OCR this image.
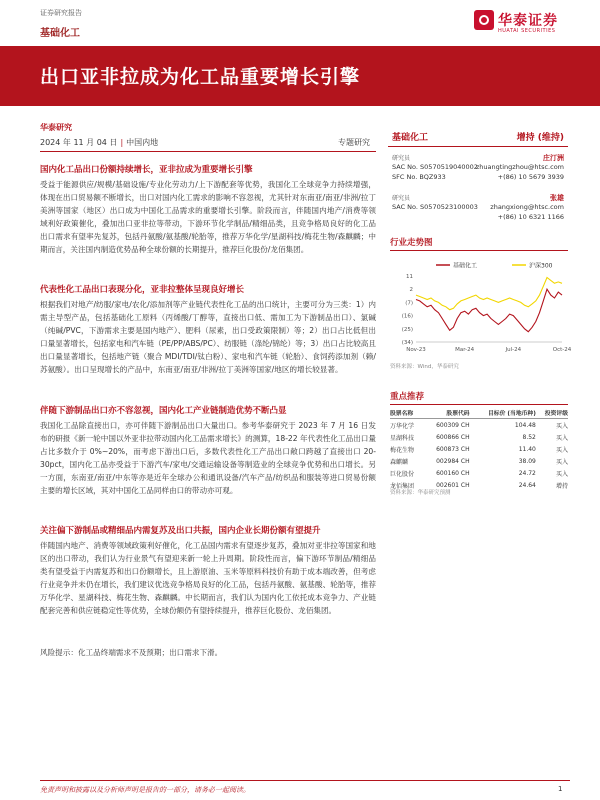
证券研究报告
基础化工
华泰证券
HUATAI SECURITIES
出口亚非拉成为化工品重要增长引擎
华泰研究
2024 年 11 月 04 日 | 中国内地	专题研究
国内化工品出口份额持续增长，亚非拉成为重要增长引擎
受益于能源供应/规模/基础设施/专业化劳动力/上下游配套等优势，我国化工全球竞争力持续增强，体现在出口贸易额不断增长，出口对国内化工需求的影响不容忽视，尤其针对东南亚/南亚/非洲/拉丁美洲等国家（地区）出口成为中国化工品需求的重要增长引擎。阶段而言，伴随国内地产/消费等领域利好政策催化，叠加出口亚非拉等带动，下游环节化学制品/精细品类，且竞争格局良好的化工品出口需求有望率先复苏，包括丹氨酸/氨基酸/轮胎等，推荐万华化学/星湖科技/梅花生物/森麒麟；中期而言，关注国内制造优势品种全球份额的长期提升，推荐巨化股份/龙佰集团。
代表性化工品出口表现分化，亚非拉整体呈现良好增长
根据我们对地产/纺服/家电/农化/添加剂等产业链代表性化工品的出口统计，主要可分为三类：1）内需主导型产品，包括基础化工原料（丙烯酸/丁醇等，直接出口低、需加工为下游制品出口）、氯碱（纯碱/PVC，下游需求主要是国内地产）、肥料（尿素，出口受政策限制）等；2）出口占比低但出口量显著增长，包括家电和汽车链（PE/PP/ABS/PC）、纺服链（涤纶/锦纶）等；3）出口占比较高且出口量显著增长，包括地产链（聚合 MDI/TDI/钛白粉）、家电和汽车链（轮胎）、食饲药添加剂（赖/苏氨酸）。出口呈现增长的产品中，东南亚/南亚/非洲/拉丁美洲等国家/地区的增长较显著。
伴随下游制品出口亦不容忽视，国内化工产业链制造优势不断凸显
我国化工品除直接出口，亦可伴随下游制品出口大量出口。参考华泰研究于 2023 年 7 月 16 日发布的研报《新一轮中国以外亚非拉带动国内化工品需求增长》的测算，18-22 年代表性化工品出口量占比多数介于 0%~20%，而考虑下游出口后，多数代表性化工产品出口敞口跨越了直接出口 20-30pct，国内化工品亦受益于下游汽车/家电/交通运输设备等制造业的全球竞争优势和出口增长。另一方面，东南亚/南亚/中东等亦是近年全球办公和通讯设备/汽车产品/纺织品和服装等进口贸易份额主要的增长区域，其对中国化工品同样由口的带动亦可观。
关注偏下游制品或精细品内需复苏及出口共振，国内企业长期份额有望提升
伴随国内地产、消费等领域政策利好催化，化工品国内需求有望逐步复苏，叠加对亚非拉等国家和地区的出口带动，我们认为行业景气有望迎来新一轮上升周期。阶段性而言，偏下游环节制品/精细品类有望受益于内需复苏和出口份额增长，且上游原油、玉米等原料科技价有助于成本端改善，但考虑行业竞争并未仍在增长，我们建议优选竞争格局良好的化工品，包括丹氨酸、氨基酸、轮胎等，推荐万华化学、星湖科技、梅花生物、森麒麟。中长期而言，我们认为国内化工依托成本竞争力、产业链配套完善和供应链稳定性等优势，全球份额仍有望持续提升，推荐巨化股份、龙佰集团。
风险提示：化工品终端需求不及预期；出口需求下滑。
基础化工	增持 (维持)
研究员	庄汀洲
SAC No. S0570519040002
zhuangtingzhou@htsc.com
SFC No. BQZ933	+(86) 10 5679 3939
研究员	张雄
SAC No. S0570523100003 zhangxiong@htsc.com
+(86) 10 6321 1166
行业走势图
基础化工	沪深300
11
2
(7)
(16)
(25)
(34)
Nov-23	Mar-24	Jul-24	Oct-24
资料来源：Wind，华泰研究
重点推荐
股票名称	股票代码	目标价 (当地币种)	投资评级
万华化学	600309 CH	104.48	买入
星湖科技	600866 CH	8.52	买入
梅花生物	600873 CH	11.40	买入
森麒麟	002984 CH	38.09	买入
巨化股份	600160 CH	24.72	买入
龙佰集团	002601 CH	24.64	增持
资料来源：华泰研究预测
免责声明和披露以及分析师声明是报告的一部分，请务必一起阅读。	1
